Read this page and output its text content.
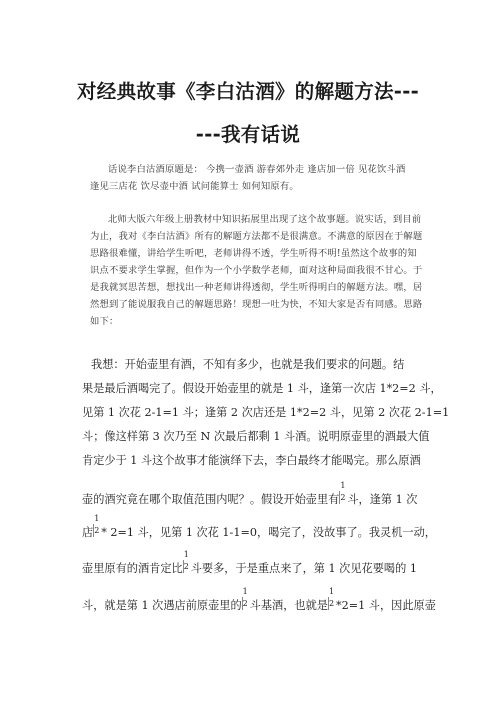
对经典故事《李白沽酒》的解题方法---
---我有话说
话说李白沽酒原题是： 今携一壶酒 游春郊外走 逢店加一倍 见花饮斗酒
逢见三店花 饮尽壶中酒 试问能算士 如何知原有。
北师大版六年级上册教材中知识拓展里出现了这个故事题。说实话，到目前
为止，我对《李白沽酒》所有的解题方法都不是很满意。不满意的原因在于解题
思路很难懂，讲给学生听吧，老师讲得不透，学生听得不明!虽然这个故事的知
识点不要求学生掌握，但作为一个小学数学老师，面对这种局面我很不甘心。于
是我就冥思苦想，想找出一种老师讲得透彻，学生听得明白的解题方法。嘿，居
然想到了能说服我自己的解题思路！现想一吐为快，不知大家是否有同感。思路
如下：
我想：开始壶里有酒，不知有多少，也就是我们要求的问题。结
果是最后酒喝完了。假设开始壶里的就是 1 斗，逢第一次店 1*2=2 斗，
见第 1 次花 2-1=1 斗；逢第 2 次店还是 1*2=2 斗，见第 2 次花 2-1=1
斗；像这样第 3 次乃至 N 次最后都剩 1 斗酒。说明原壶里的酒最大值
肯定少于 1 斗这个故事才能演绎下去，李白最终才能喝完。那么原酒
壶的酒究竟在哪个取值范围内呢？。假设开始壶里有
1
2 斗，逢第 1 次
店
1
2 * 2=1 斗，见第 1 次花 1-1=0，喝完了，没故事了。我灵机一动，
壶里原有的酒肯定比
1
2 斗要多，于是重点来了，第 1 次见花要喝的 1
斗，就是第 1 次遇店前原壶里的
1
2 斗基酒，也就是
1
2 *2=1 斗，因此原壶
